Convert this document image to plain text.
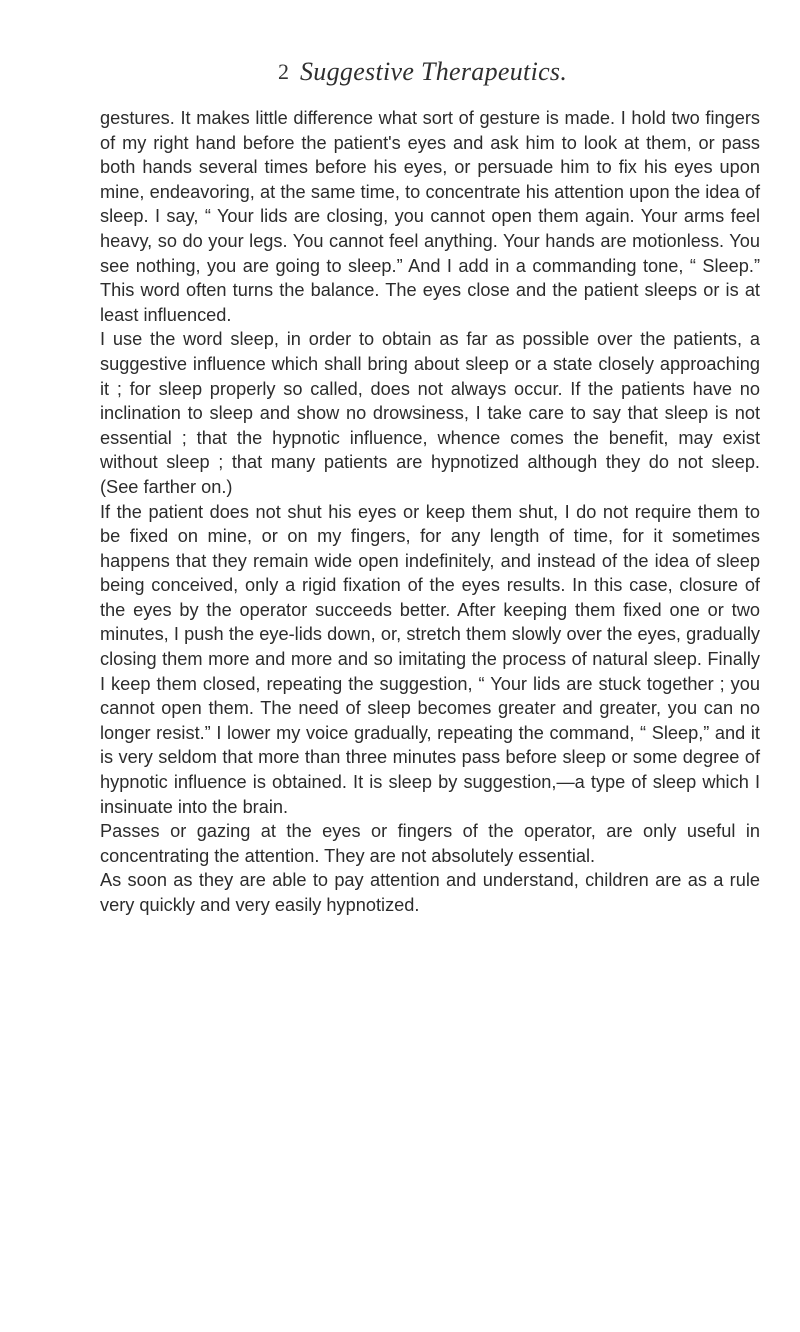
2 Suggestive Therapeutics.

gestures. It makes little difference what sort of gesture is made. I hold two fingers of my right hand before the patient's eyes and ask him to look at them, or pass both hands several times before his eyes, or persuade him to fix his eyes upon mine, endeavoring, at the same time, to concentrate his attention upon the idea of sleep. I say, “ Your lids are closing, you cannot open them again. Your arms feel heavy, so do your legs. You cannot feel anything. Your hands are motionless. You see nothing, you are going to sleep.” And I add in a commanding tone, “ Sleep.” This word often turns the balance. The eyes close and the patient sleeps or is at least influenced.

I use the word sleep, in order to obtain as far as possible over the patients, a suggestive influence which shall bring about sleep or a state closely approaching it ; for sleep properly so called, does not always occur. If the patients have no inclination to sleep and show no drowsiness, I take care to say that sleep is not essential ; that the hypnotic influence, whence comes the benefit, may exist without sleep ; that many patients are hypnotized although they do not sleep. (See farther on.)

If the patient does not shut his eyes or keep them shut, I do not require them to be fixed on mine, or on my fingers, for any length of time, for it sometimes happens that they remain wide open indefinitely, and instead of the idea of sleep being conceived, only a rigid fixation of the eyes results. In this case, closure of the eyes by the operator succeeds better. After keeping them fixed one or two minutes, I push the eye-lids down, or, stretch them slowly over the eyes, gradually closing them more and more and so imitating the process of natural sleep. Finally I keep them closed, repeating the suggestion, “ Your lids are stuck together ; you cannot open them. The need of sleep becomes greater and greater, you can no longer resist.” I lower my voice gradually, repeating the command, “ Sleep,” and it is very seldom that more than three minutes pass before sleep or some degree of hypnotic influence is obtained. It is sleep by suggestion,—a type of sleep which I insinuate into the brain.

Passes or gazing at the eyes or fingers of the operator, are only useful in concentrating the attention. They are not absolutely essential.

As soon as they are able to pay attention and understand, children are as a rule very quickly and very easily hypnotized.
